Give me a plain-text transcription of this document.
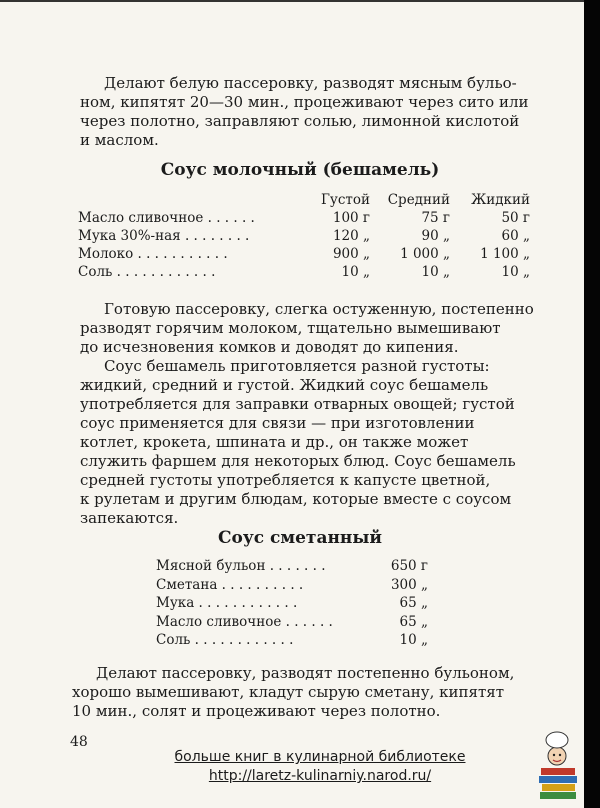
Делают белую пассеровку, разводят мясным бульо-
ном, кипятят 20—30 мин., процеживают через сито или
через полотно, заправляют солью, лимонной кислотой
и маслом.

Соус молочный (бешамель)
	Густой	Средний	Жидкий
Масло сливочное . . . . . .	100 г	75 г	50 г
Мука 30%-ная . . . . . . . .	120 „	90 „	60 „
Молоко . . . . . . . . . . .	900 „	1 000 „	1 100 „
Соль . . . . . . . . . . . .	10 „	10 „	10 „

Готовую пассеровку, слегка остуженную, постепенно
разводят горячим молоком, тщательно вымешивают
до исчезновения комков и доводят до кипения.
Соус бешамель приготовляется разной густоты:
жидкий, средний и густой. Жидкий соус бешамель
употребляется для заправки отварных овощей; густой
соус применяется для связи — при изготовлении
котлет, крокета, шпината и др., он также может
служить фаршем для некоторых блюд. Соус бешамель
средней густоты употребляется к капусте цветной,
к рулетам и другим блюдам, которые вместе с соусом
запекаются.

Соус сметанный
Мясной бульон . . . . . . .	650 г
Сметана . . . . . . . . . .	300 „
Мука . . . . . . . . . . . .	65 „
Масло сливочное . . . . . .	65 „
Соль . . . . . . . . . . . .	10 „

Делают пассеровку, разводят постепенно бульоном,
хорошо вымешивают, кладут сырую сметану, кипятят
10 мин., солят и процеживают через полотно.

48
больше книг в кулинарной библиотеке
http://laretz-kulinarniy.narod.ru/
